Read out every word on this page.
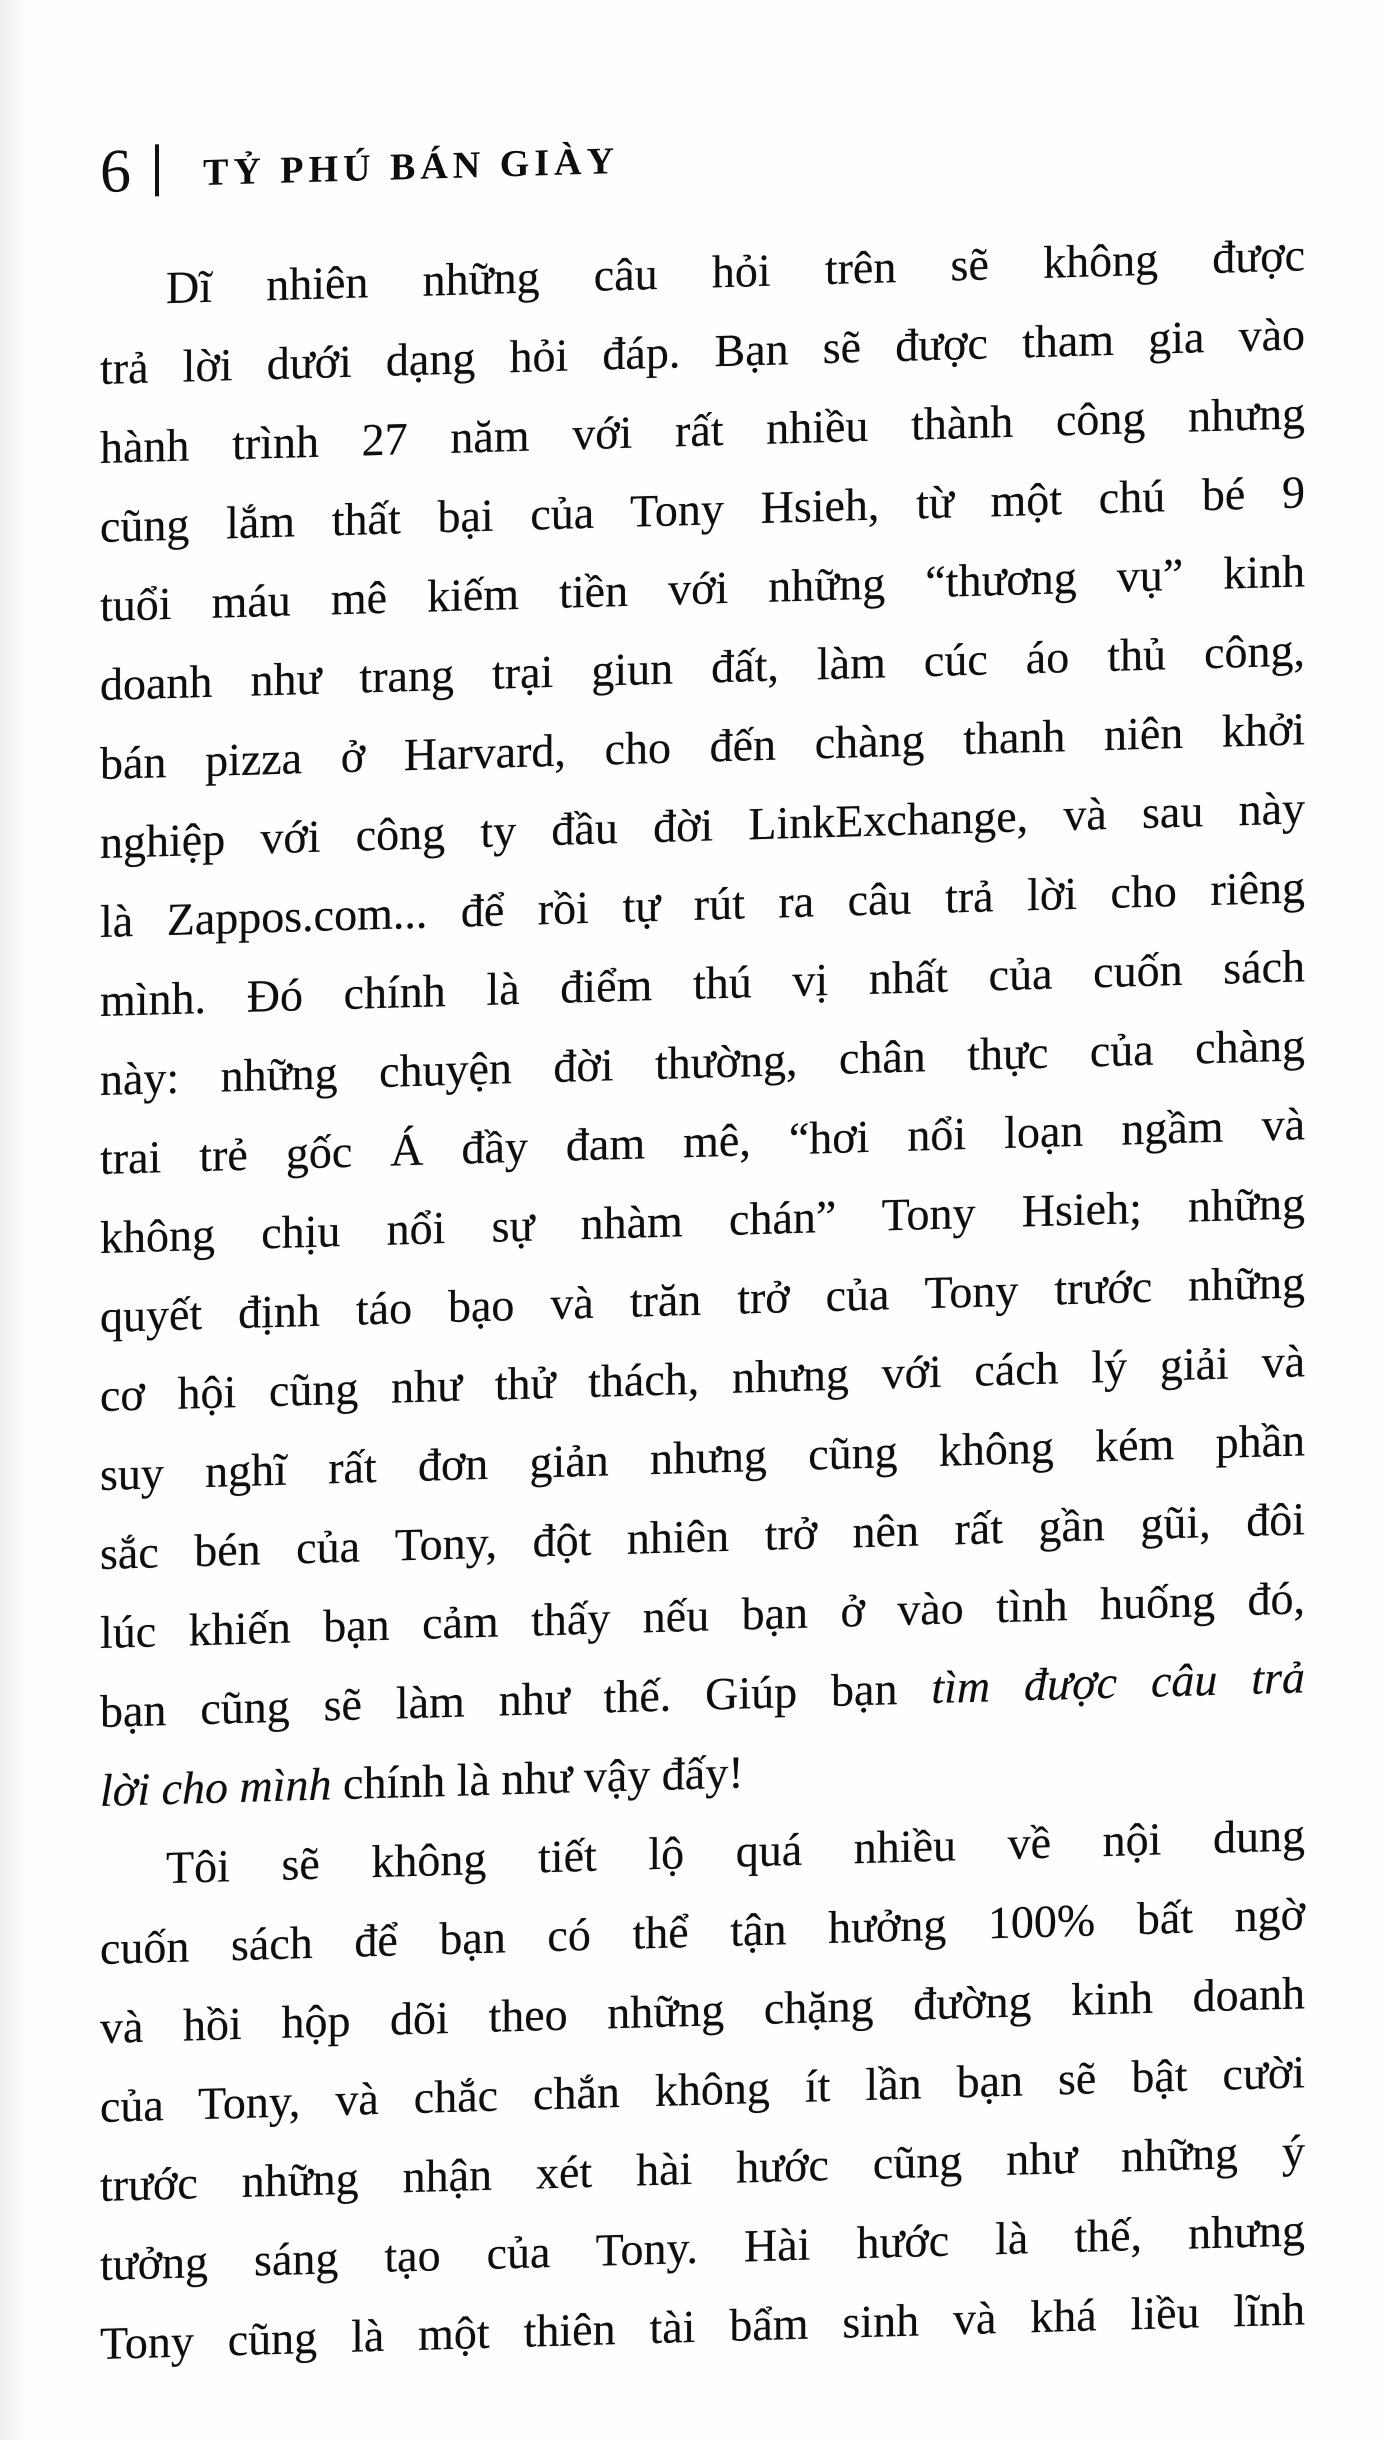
6 TỶ PHÚ BÁN GIÀY
Dĩ nhiên những câu hỏi trên sẽ không được
trả lời dưới dạng hỏi đáp. Bạn sẽ được tham gia vào
hành trình 27 năm với rất nhiều thành công nhưng
cũng lắm thất bại của Tony Hsieh, từ một chú bé 9
tuổi máu mê kiếm tiền với những “thương vụ” kinh
doanh như trang trại giun đất, làm cúc áo thủ công,
bán pizza ở Harvard, cho đến chàng thanh niên khởi
nghiệp với công ty đầu đời LinkExchange, và sau này
là Zappos.com... để rồi tự rút ra câu trả lời cho riêng
mình. Đó chính là điểm thú vị nhất của cuốn sách
này: những chuyện đời thường, chân thực của chàng
trai trẻ gốc Á đầy đam mê, “hơi nổi loạn ngầm và
không chịu nổi sự nhàm chán” Tony Hsieh; những
quyết định táo bạo và trăn trở của Tony trước những
cơ hội cũng như thử thách, nhưng với cách lý giải và
suy nghĩ rất đơn giản nhưng cũng không kém phần
sắc bén của Tony, đột nhiên trở nên rất gần gũi, đôi
lúc khiến bạn cảm thấy nếu bạn ở vào tình huống đó,
bạn cũng sẽ làm như thế. Giúp bạn tìm được câu trả
lời cho mình chính là như vậy đấy!
Tôi sẽ không tiết lộ quá nhiều về nội dung
cuốn sách để bạn có thể tận hưởng 100% bất ngờ
và hồi hộp dõi theo những chặng đường kinh doanh
của Tony, và chắc chắn không ít lần bạn sẽ bật cười
trước những nhận xét hài hước cũng như những ý
tưởng sáng tạo của Tony. Hài hước là thế, nhưng
Tony cũng là một thiên tài bẩm sinh và khá liều lĩnh
